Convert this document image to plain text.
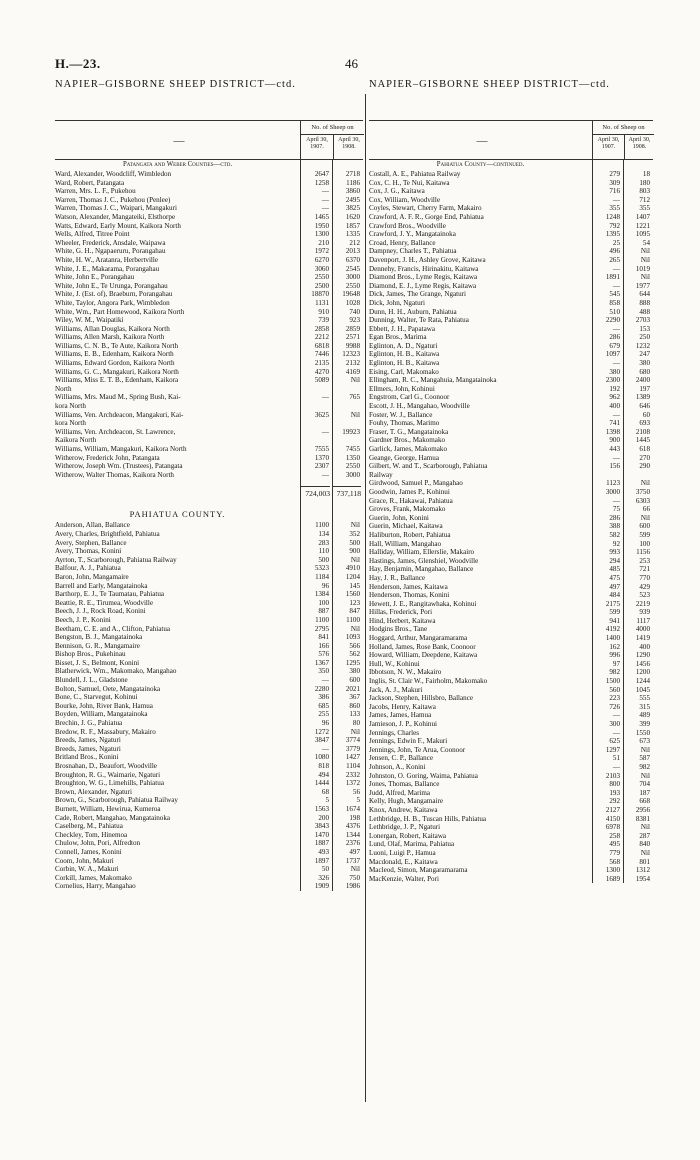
H.—23.	46
NAPIER–GISBORNE SHEEP DISTRICT—ctd.	NAPIER–GISBORNE SHEEP DISTRICT—ctd.
—
No. of Sheep on
April 30, 1907.
April 30, 1908.
Patangata and Weber Counties—ctd.
Ward, Alexander, Woodcliff, Wimbledon	2647	2718
Ward, Robert, Patangata	1258	1186
Warren, Mrs. L. F., Pukehou	—	3860
Warren, Thomas J. C., Pukehou (Penlee)	—	2495
Warren, Thomas J. C., Waipari, Mangakuri	—	3825
Watson, Alexander, Mangateiki, Elsthorpe	1465	1620
Watts, Edward, Early Mount, Kaikora North	1950	1857
Wells, Alfred, Titree Point	1300	1335
Wheeler, Frederick, Ansdale, Waipawa	210	212
White, G. H., Ngapaeruru, Porangahau	1972	2013
White, H. W., Aratanra, Herbertville	6270	6370
White, J. E., Makarama, Porangahau	3060	2545
White, John E., Porangahau	2550	3000
White, John E., Te Urunga, Porangahau	2500	2550
White, J. (Est. of), Braeburn, Porangahau	18870	19648
White, Taylor, Angora Park, Wimbledon	1131	1028
White, Wm., Part Homewood, Kaikora North	910	740
Wiley, W. M., Waipatiki	739	923
Williams, Allan Douglas, Kaikora North	2858	2859
Williams, Allen Marsh, Kaikora North	2212	2571
Williams, C. N. B., Te Aute, Kaikora North	6818	9988
Williams, E. B., Edenham, Kaikora North	7446	12323
Williams, Edward Gordon, Kaikora North	2135	2132
Williams, G. C., Mangakuri, Kaikora North	4270	4169
Williams, Miss E. T. B., Edenham, Kaikora	5089	Nil
North
Williams, Mrs. Maud M., Spring Bush, Kai-	—	765
kora North
Williams, Ven. Archdeacon, Mangakuri, Kai-	3625	Nil
kora North
Williams, Ven. Archdeacon, St. Lawrence,	—	19923
Kaikora North
Williams, William, Mangakuri, Kaikora North	7555	7455
Witherow, Frederick John, Patangata	1370	1350
Witherow, Joseph Wm. (Trustees), Patangata	2307	2550
Witherow, Walter Thomas, Kaikora North	—	3000
724,003 737,118
PAHIATUA COUNTY.
Anderson, Allan, Ballance	1100	Nil
Avery, Charles, Brightfield, Pahiatua	134	352
Avery, Stephen, Ballance	283	500
Avery, Thomas, Konini	110	900
Ayrton, T., Scarborough, Pahiatua Railway	500	Nil
Balfour, A. J., Pahiatua	5323	4910
Baron, John, Mangamaire	1184	1204
Barrell and Early, Mangatainoka	96	145
Barthorp, E. J., Te Taumatau, Pahiatua	1384	1560
Beattie, R. E., Tirumea, Woodville	100	123
Beech, J. J., Rock Road, Konini	887	847
Beech, J. P., Konini	1100	1100
Beetham, C. E. and A., Clifton, Pahiatua	2795	Nil
Bengston, B. J., Mangatainoka	841	1093
Bennison, G. R., Mangamaire	166	566
Bishop Bros., Pukehinau	576	562
Bisset, J. S., Belmont, Konini	1367	1295
Blatherwick, Wm., Makomako, Mangahao	350	380
Blundell, J. L., Gladstone	—	600
Bolton, Samuel, Oete, Mangatainoka	2280	2021
Bone, C., Starvegut, Kohinui	386	367
Bourke, John, River Bank, Hamua	685	860
Boyden, William, Mangatainoka	255	133
Brechin, J. G., Pahiatua	96	80
Bredow, R. F., Massabury, Makairo	1272	Nil
Breeds, James, Ngaturi	3847	3774
Breeds, James, Ngaturi	—	3779
Britland Bros., Konini	1080	1427
Brosnahan, D., Beaufort, Woodville	818	1104
Broughton, R. G., Waimarie, Ngaturi	494	2332
Broughton, W. G., Limehills, Pahiatua	1444	1372
Brown, Alexander, Ngaturi	68	56
Brown, G., Scarborough, Pahiatua Railway	5	5
Burnett, William, Hewirua, Kumeroa	1563	1674
Cade, Robert, Mangahao, Mangatainoka	200	198
Caselberg, M., Pahiatua	3843	4376
Checkley, Tom, Hinemoa	1470	1344
Chulow, John, Pori, Alfredton	1887	2376
Connell, James, Konini	493	497
Coom, John, Makuri	1897	1737
Corbin, W. A., Makuri	50	Nil
Corkill, James, Makomako	326	750
Cornelius, Harry, Mangahao	1909	1986
—
No. of Sheep on
April 30, 1907.
April 30, 1908.
Pahiatua County—continued.
Costall, A. E., Pahiatua Railway	279	18
Cox, C. H., Te Nui, Kaitawa	309	180
Cox, J. G., Kaitawa	716	803
Cox, William, Woodville	—	712
Coyles, Stewart, Cherry Farm, Makairo	355	355
Crawford, A. F. R., Gorge End, Pahiatua	1248	1407
Crawford Bros., Woodville	792	1221
Crawford, J. Y., Mangatainoka	1395	1095
Croad, Henry, Ballance	25	54
Dampney, Charles T., Pahiatua	496	Nil
Davenport, J. H., Ashley Grove, Kaitawa	265	Nil
Dennehy, Francis, Hirinakitu, Kaitawa	—	1019
Diamond Bros., Lyme Regis, Kaitawa	1891	Nil
Diamond, E. J., Lyme Regis, Kaitawa	—	1977
Dick, James, The Grange, Ngaturi	545	644
Dick, John, Ngaturi	858	888
Dunn, H. H., Auburn, Pahiatua	510	488
Dunning, Walter, Te Rata, Pahiatua	2290	2703
Ebbett, J. H., Papatawa	—	153
Egan Bros., Marima	286	250
Eglinton, A. D., Ngaturi	679	1232
Eglinton, H. B., Kaitawa	1097	247
Eglinton, H. B., Kaitawa	—	380
Eising, Carl, Makomako	380	680
Ellingham, R. C., Mangahuia, Mangatainoka	2300	2400
Ellmers, John, Kohinui	192	197
Engstrom, Carl G., Coonoor	962	1389
Escott, J. H., Mangahao, Woodville	400	646
Foster, W. J., Ballance	—	60
Fouhy, Thomas, Marimo	741	693
Fraser, T. G., Mangatainoka	1398	2108
Gardner Bros., Makomako	900	1445
Garlick, James, Makomako	443	618
Geange, George, Hamua	—	270
Gilbert, W. and T., Scarborough, Pahiatua	156	290
Railway
Girdwood, Samuel P., Mangahao	1123	Nil
Goodwin, James P., Kohinui	3000	3750
Grace, R., Hakawai, Pahiatua	—	6303
Groves, Frank, Makomako	75	66
Guerin, John, Konini	286	Nil
Guerin, Michael, Kaitawa	388	600
Haliburton, Robert, Pahiatua	582	599
Hall, William, Mangahao	92	100
Halliday, William, Ellerslie, Makairo	993	1156
Hastings, James, Glenshiel, Woodville	294	253
Hay, Benjamin, Mangahao, Ballance	485	721
Hay, J. R., Ballance	475	770
Henderson, James, Kaitawa	497	429
Henderson, Thomas, Konini	484	523
Hewett, J. E., Rangitawhaka, Kohinui	2175	2219
Hillas, Frederick, Pori	599	939
Hind, Herbert, Kaitawa	941	1117
Hodgins Bros., Tane	4192	4000
Hoggard, Arthur, Mangaramarama	1400	1419
Holland, James, Rose Bank, Coonoor	162	400
Howard, William, Deepdene, Kaitawa	996	1290
Hull, W., Kohinui	97	1456
Ibbotson, N. W., Makairo	982	1200
Inglis, St. Clair W., Fairholm, Makomako	1500	1244
Jack, A. J., Makuri	560	1045
Jackson, Stephen, Hillsbro, Ballance	223	555
Jacobs, Henry, Kaitawa	726	315
James, James, Hamua	—	489
Jamieson, J. P., Kohinui	300	399
Jennings, Charles	—	1550
Jennings, Edwin F., Makuri	625	673
Jennings, John, Te Arua, Coonoor	1297	Nil
Jensen, C. P., Ballance	51	587
Johnson, A., Konini	—	982
Johnston, O. Goring, Waima, Pahiatua	2103	Nil
Jones, Thomas, Ballance	800	704
Judd, Alfred, Marima	193	187
Kelly, Hugh, Mangamaire	292	668
Knox, Andrew, Kaitawa	2127	2956
Lethbridge, H. B., Tuscan Hills, Pahiatua	4150	8381
Lethbridge, J. P., Ngaturi	6978	Nil
Lonergan, Robert, Kaitawa	258	287
Lund, Olaf, Marima, Pahiatua	495	840
Luoni, Luigi P., Hamua	779	Nil
Macdonald, E., Kaitawa	568	801
Macleod, Simon, Mangaramarama	1300	1312
MacKenzie, Walter, Pori	1689	1954
